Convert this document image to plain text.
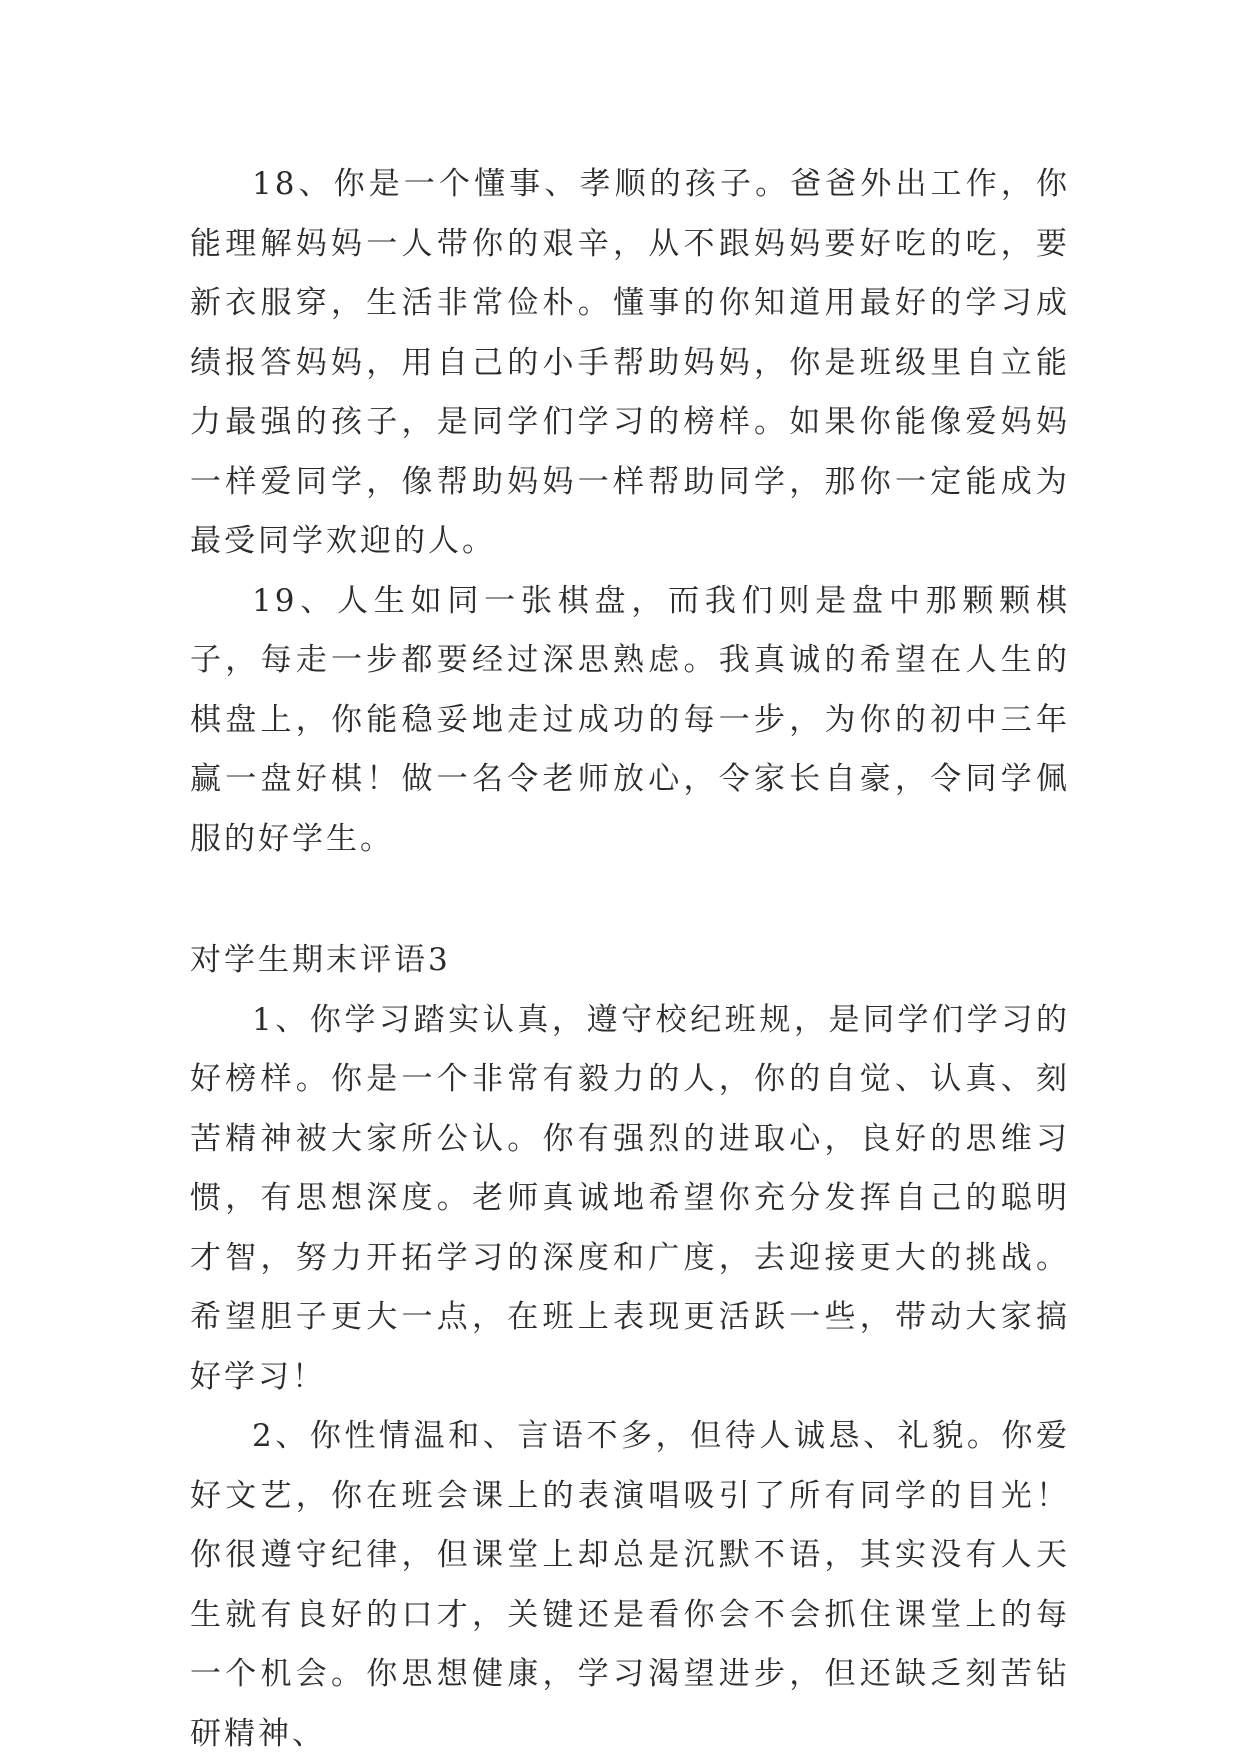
18、你是一个懂事、孝顺的孩子。爸爸外出工作，你能理解妈妈一人带你的艰辛，从不跟妈妈要好吃的吃，要新衣服穿，生活非常俭朴。懂事的你知道用最好的学习成绩报答妈妈，用自己的小手帮助妈妈，你是班级里自立能力最强的孩子，是同学们学习的榜样。如果你能像爱妈妈一样爱同学，像帮助妈妈一样帮助同学，那你一定能成为最受同学欢迎的人。

19、人生如同一张棋盘，而我们则是盘中那颗颗棋子，每走一步都要经过深思熟虑。我真诚的希望在人生的棋盘上，你能稳妥地走过成功的每一步，为你的初中三年赢一盘好棋！做一名令老师放心，令家长自豪，令同学佩服的好学生。

对学生期末评语3

1、你学习踏实认真，遵守校纪班规，是同学们学习的好榜样。你是一个非常有毅力的人，你的自觉、认真、刻苦精神被大家所公认。你有强烈的进取心，良好的思维习惯，有思想深度。老师真诚地希望你充分发挥自己的聪明才智，努力开拓学习的深度和广度，去迎接更大的挑战。希望胆子更大一点，在班上表现更活跃一些，带动大家搞好学习！

2、你性情温和、言语不多，但待人诚恳、礼貌。你爱好文艺，你在班会课上的表演唱吸引了所有同学的目光！你很遵守纪律，但课堂上却总是沉默不语，其实没有人天生就有良好的口才，关键还是看你会不会抓住课堂上的每一个机会。你思想健康，学习渴望进步，但还缺乏刻苦钻研精神、
